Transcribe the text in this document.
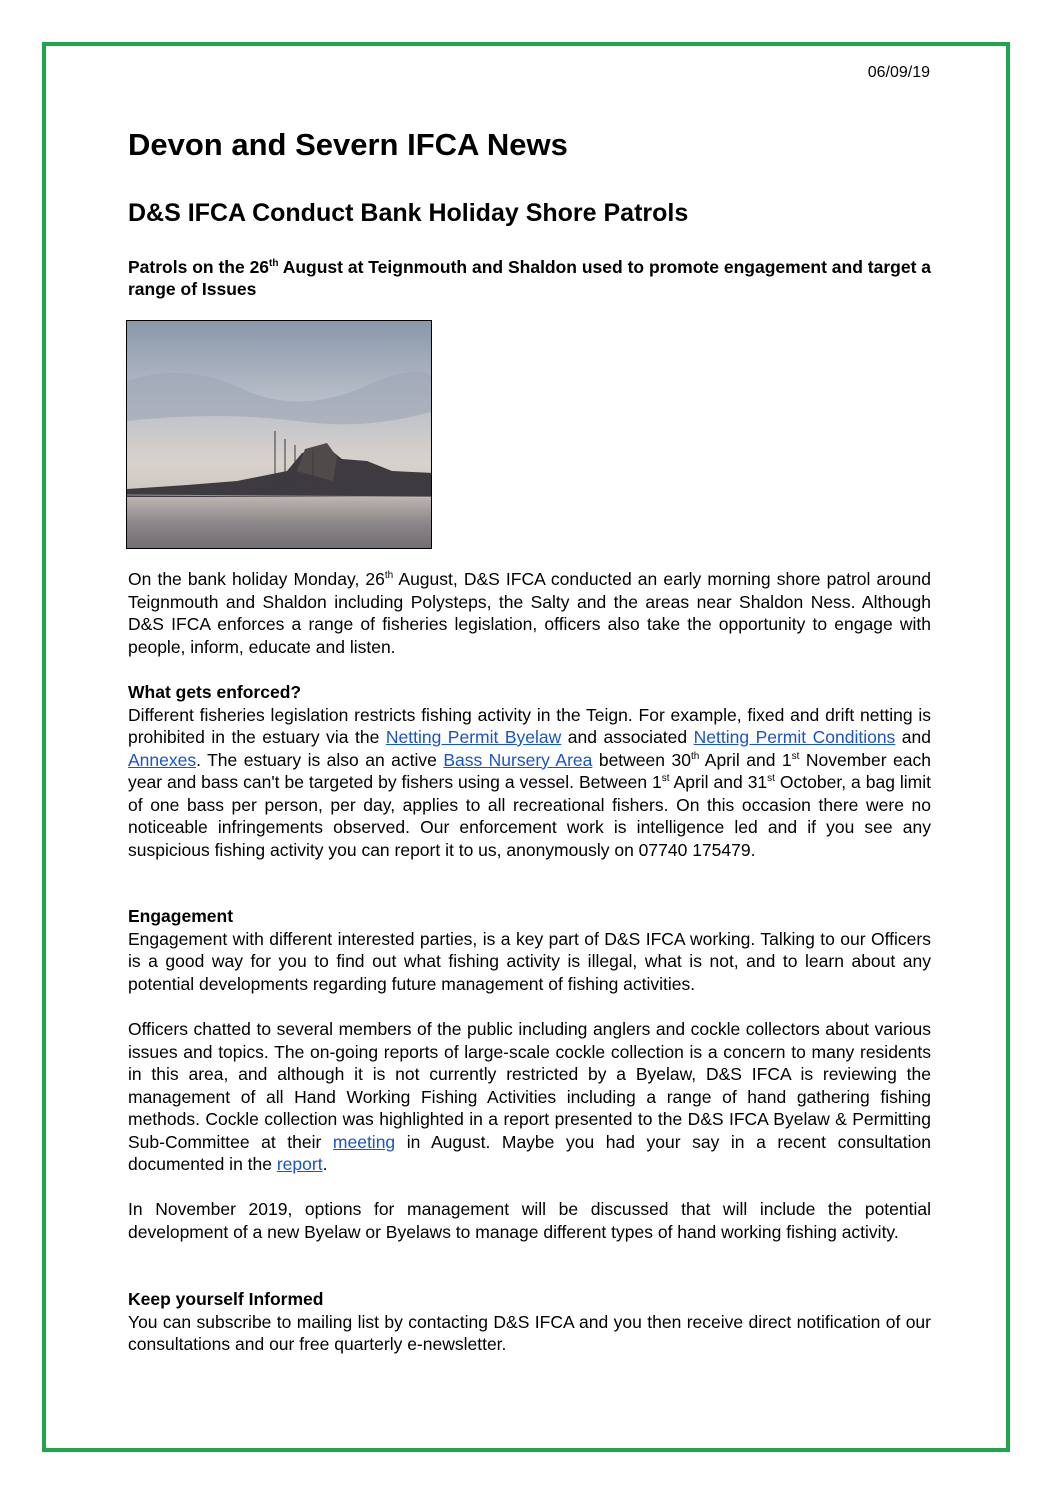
06/09/19
Devon and Severn IFCA News
D&S IFCA Conduct Bank Holiday Shore Patrols

Patrols on the 26th August at Teignmouth and Shaldon used to promote engagement and target a range of Issues

On the bank holiday Monday, 26th August, D&S IFCA conducted an early morning shore patrol around Teignmouth and Shaldon including Polysteps, the Salty and the areas near Shaldon Ness. Although D&S IFCA enforces a range of fisheries legislation, officers also take the opportunity to engage with people, inform, educate and listen.

What gets enforced?
Different fisheries legislation restricts fishing activity in the Teign. For example, fixed and drift netting is prohibited in the estuary via the Netting Permit Byelaw and associated Netting Permit Conditions and Annexes. The estuary is also an active Bass Nursery Area between 30th April and 1st November each year and bass can't be targeted by fishers using a vessel. Between 1st April and 31st October, a bag limit of one bass per person, per day, applies to all recreational fishers. On this occasion there were no noticeable infringements observed. Our enforcement work is intelligence led and if you see any suspicious fishing activity you can report it to us, anonymously on 07740 175479.

Engagement
Engagement with different interested parties, is a key part of D&S IFCA working. Talking to our Officers is a good way for you to find out what fishing activity is illegal, what is not, and to learn about any potential developments regarding future management of fishing activities.

Officers chatted to several members of the public including anglers and cockle collectors about various issues and topics. The on-going reports of large-scale cockle collection is a concern to many residents in this area, and although it is not currently restricted by a Byelaw, D&S IFCA is reviewing the management of all Hand Working Fishing Activities including a range of hand gathering fishing methods. Cockle collection was highlighted in a report presented to the D&S IFCA Byelaw & Permitting Sub-Committee at their meeting in August. Maybe you had your say in a recent consultation documented in the report.

In November 2019, options for management will be discussed that will include the potential development of a new Byelaw or Byelaws to manage different types of hand working fishing activity.

Keep yourself Informed
You can subscribe to mailing list by contacting D&S IFCA and you then receive direct notification of our consultations and our free quarterly e-newsletter.
